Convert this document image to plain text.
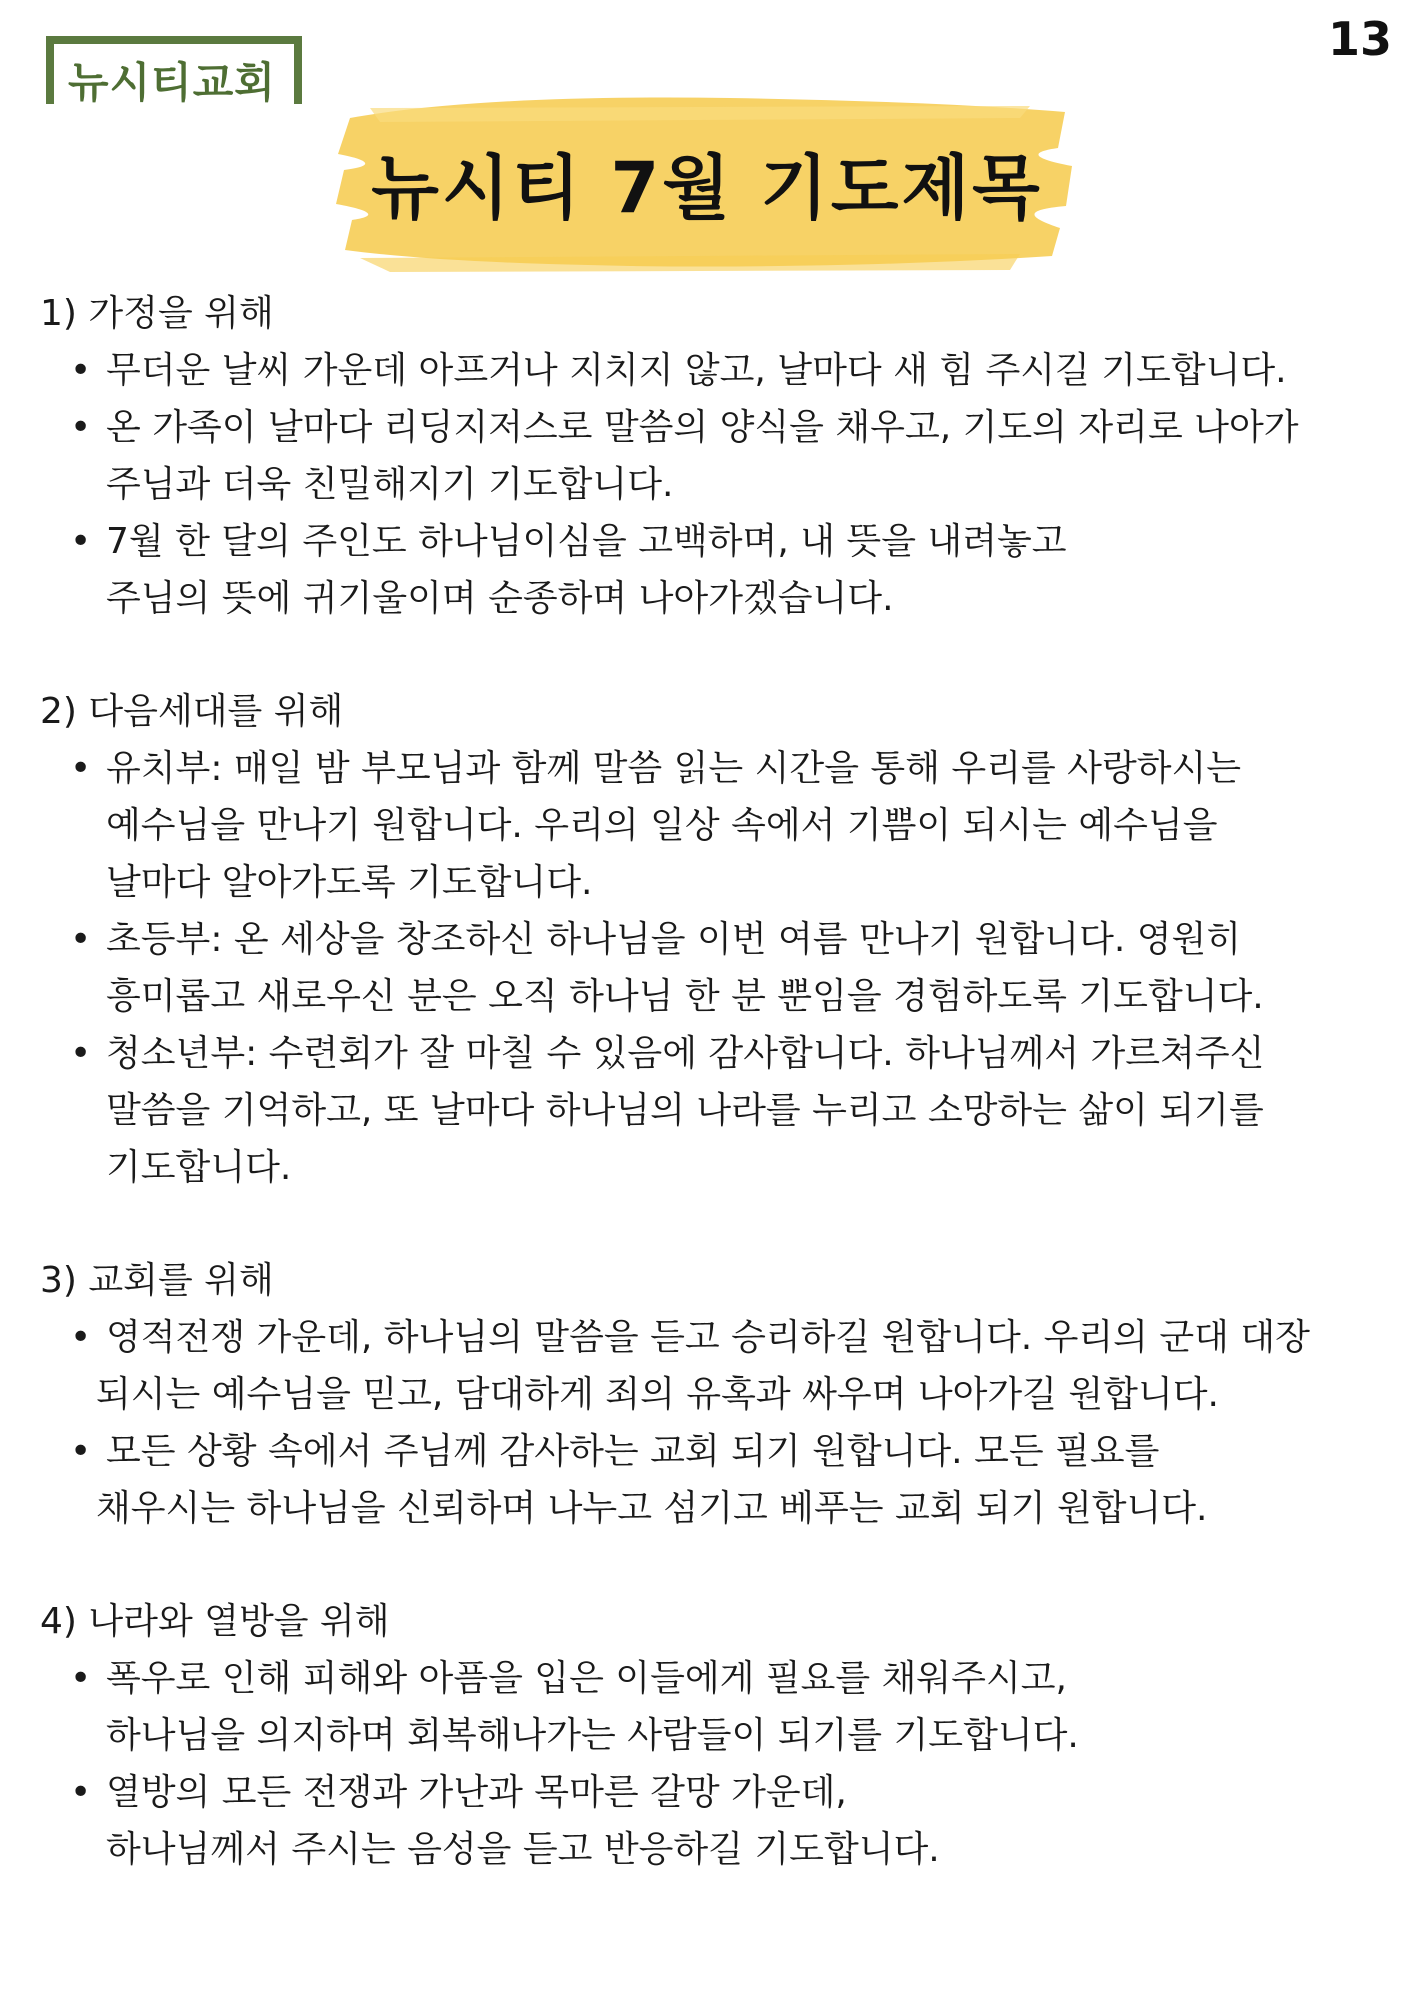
13
뉴시티교회
뉴시티 7월 기도제목
1) 가정을 위해
• 무더운 날씨 가운데 아프거나 지치지 않고, 날마다 새 힘 주시길 기도합니다.
• 온 가족이 날마다 리딩지저스로 말씀의 양식을 채우고, 기도의 자리로 나아가
주님과 더욱 친밀해지기 기도합니다.
• 7월 한 달의 주인도 하나님이심을 고백하며, 내 뜻을 내려놓고
주님의 뜻에 귀기울이며 순종하며 나아가겠습니다.
2) 다음세대를 위해
• 유치부: 매일 밤 부모님과 함께 말씀 읽는 시간을 통해 우리를 사랑하시는
예수님을 만나기 원합니다. 우리의 일상 속에서 기쁨이 되시는 예수님을
날마다 알아가도록 기도합니다.
• 초등부: 온 세상을 창조하신 하나님을 이번 여름 만나기 원합니다. 영원히
흥미롭고 새로우신 분은 오직 하나님 한 분 뿐임을 경험하도록 기도합니다.
• 청소년부: 수련회가 잘 마칠 수 있음에 감사합니다. 하나님께서 가르쳐주신
말씀을 기억하고, 또 날마다 하나님의 나라를 누리고 소망하는 삶이 되기를
기도합니다.
3) 교회를 위해
• 영적전쟁 가운데, 하나님의 말씀을 듣고 승리하길 원합니다. 우리의 군대 대장
되시는 예수님을 믿고, 담대하게 죄의 유혹과 싸우며 나아가길 원합니다.
• 모든 상황 속에서 주님께 감사하는 교회 되기 원합니다. 모든 필요를
채우시는 하나님을 신뢰하며 나누고 섬기고 베푸는 교회 되기 원합니다.
4) 나라와 열방을 위해
• 폭우로 인해 피해와 아픔을 입은 이들에게 필요를 채워주시고,
하나님을 의지하며 회복해나가는 사람들이 되기를 기도합니다.
• 열방의 모든 전쟁과 가난과 목마른 갈망 가운데,
하나님께서 주시는 음성을 듣고 반응하길 기도합니다.
